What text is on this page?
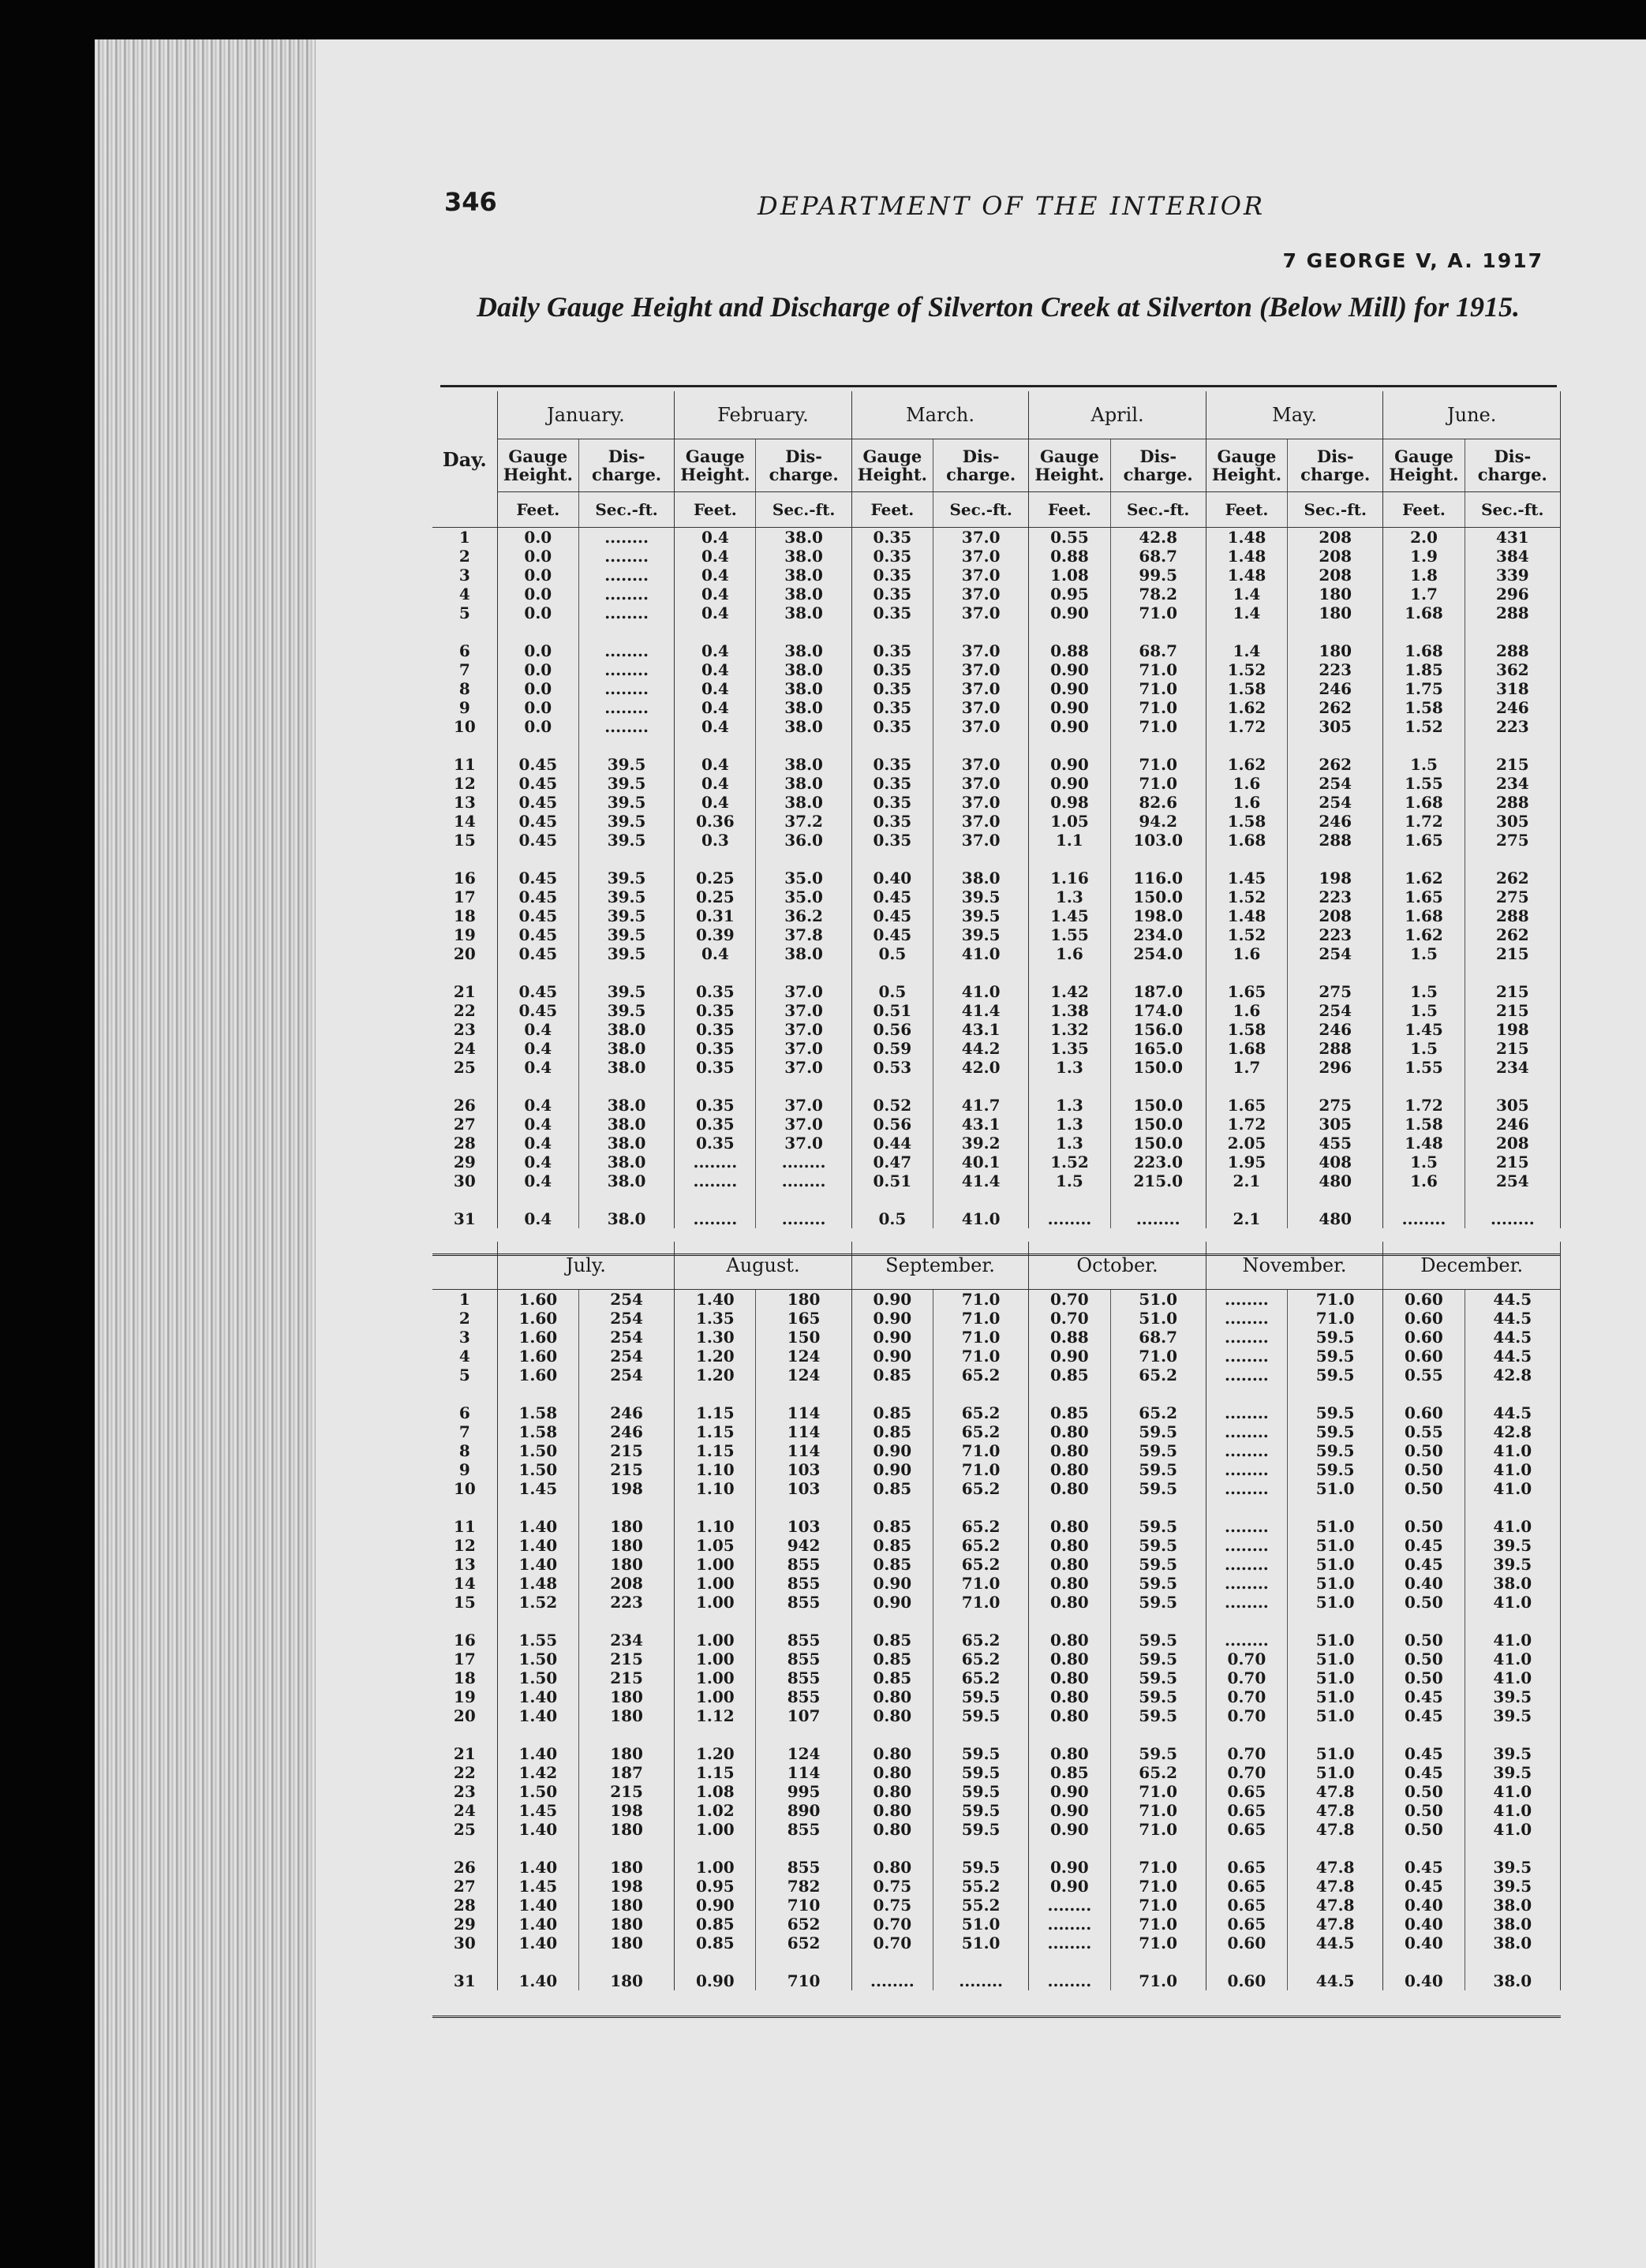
346	DEPARTMENT OF THE INTERIOR
7 GEORGE V, A. 1917
Daily Gauge Height and Discharge of Silverton Creek at Silverton (Below Mill) for 1915.
Day.	January.		February.		March.		April.		May.		June.	
	Gauge Height.	Dis-charge.	Gauge Height.	Dis-charge.	Gauge Height.	Dis-charge.	Gauge Height.	Dis-charge.	Gauge Height.	Dis-charge.	Gauge Height.	Dis-charge.
	Feet.	Sec.-ft.	Feet.	Sec.-ft.	Feet.	Sec.-ft.	Feet.	Sec.-ft.	Feet.	Sec.-ft.	Feet.	Sec.-ft.
1	0.0	........	0.4	38.0	0.35	37.0	0.55	42.8	1.48	208	2.0	431
2	0.0	........	0.4	38.0	0.35	37.0	0.88	68.7	1.48	208	1.9	384
3	0.0	........	0.4	38.0	0.35	37.0	1.08	99.5	1.48	208	1.8	339
4	0.0	........	0.4	38.0	0.35	37.0	0.95	78.2	1.4	180	1.7	296
5	0.0	........	0.4	38.0	0.35	37.0	0.90	71.0	1.4	180	1.68	288
6	0.0	........	0.4	38.0	0.35	37.0	0.88	68.7	1.4	180	1.68	288
7	0.0	........	0.4	38.0	0.35	37.0	0.90	71.0	1.52	223	1.85	362
8	0.0	........	0.4	38.0	0.35	37.0	0.90	71.0	1.58	246	1.75	318
9	0.0	........	0.4	38.0	0.35	37.0	0.90	71.0	1.62	262	1.58	246
10	0.0	........	0.4	38.0	0.35	37.0	0.90	71.0	1.72	305	1.52	223
11	0.45	39.5	0.4	38.0	0.35	37.0	0.90	71.0	1.62	262	1.5	215
12	0.45	39.5	0.4	38.0	0.35	37.0	0.90	71.0	1.6	254	1.55	234
13	0.45	39.5	0.4	38.0	0.35	37.0	0.98	82.6	1.6	254	1.68	288
14	0.45	39.5	0.36	37.2	0.35	37.0	1.05	94.2	1.58	246	1.72	305
15	0.45	39.5	0.3	36.0	0.35	37.0	1.1	103.0	1.68	288	1.65	275
16	0.45	39.5	0.25	35.0	0.40	38.0	1.16	116.0	1.45	198	1.62	262
17	0.45	39.5	0.25	35.0	0.45	39.5	1.3	150.0	1.52	223	1.65	275
18	0.45	39.5	0.31	36.2	0.45	39.5	1.45	198.0	1.48	208	1.68	288
19	0.45	39.5	0.39	37.8	0.45	39.5	1.55	234.0	1.52	223	1.62	262
20	0.45	39.5	0.4	38.0	0.5	41.0	1.6	254.0	1.6	254	1.5	215
21	0.45	39.5	0.35	37.0	0.5	41.0	1.42	187.0	1.65	275	1.5	215
22	0.45	39.5	0.35	37.0	0.51	41.4	1.38	174.0	1.6	254	1.5	215
23	0.4	38.0	0.35	37.0	0.56	43.1	1.32	156.0	1.58	246	1.45	198
24	0.4	38.0	0.35	37.0	0.59	44.2	1.35	165.0	1.68	288	1.5	215
25	0.4	38.0	0.35	37.0	0.53	42.0	1.3	150.0	1.7	296	1.55	234
26	0.4	38.0	0.35	37.0	0.52	41.7	1.3	150.0	1.65	275	1.72	305
27	0.4	38.0	0.35	37.0	0.56	43.1	1.3	150.0	1.72	305	1.58	246
28	0.4	38.0	0.35	37.0	0.44	39.2	1.3	150.0	2.05	455	1.48	208
29	0.4	38.0	........	........	0.47	40.1	1.52	223.0	1.95	408	1.5	215
30	0.4	38.0	........	........	0.51	41.4	1.5	215.0	2.1	480	1.6	254
31	0.4	38.0	........	........	0.5	41.0	........	........	2.1	480	........	........

	July.		August.		September.		October.		November.		December.	
1	1.60	254	1.40	180	0.90	71.0	0.70	51.0	........	71.0	0.60	44.5
2	1.60	254	1.35	165	0.90	71.0	0.70	51.0	........	71.0	0.60	44.5
3	1.60	254	1.30	150	0.90	71.0	0.88	68.7	........	59.5	0.60	44.5
4	1.60	254	1.20	124	0.90	71.0	0.90	71.0	........	59.5	0.60	44.5
5	1.60	254	1.20	124	0.85	65.2	0.85	65.2	........	59.5	0.55	42.8
6	1.58	246	1.15	114	0.85	65.2	0.85	65.2	........	59.5	0.60	44.5
7	1.58	246	1.15	114	0.85	65.2	0.80	59.5	........	59.5	0.55	42.8
8	1.50	215	1.15	114	0.90	71.0	0.80	59.5	........	59.5	0.50	41.0
9	1.50	215	1.10	103	0.90	71.0	0.80	59.5	........	59.5	0.50	41.0
10	1.45	198	1.10	103	0.85	65.2	0.80	59.5	........	51.0	0.50	41.0
11	1.40	180	1.10	103	0.85	65.2	0.80	59.5	........	51.0	0.50	41.0
12	1.40	180	1.05	942	0.85	65.2	0.80	59.5	........	51.0	0.45	39.5
13	1.40	180	1.00	855	0.85	65.2	0.80	59.5	........	51.0	0.45	39.5
14	1.48	208	1.00	855	0.90	71.0	0.80	59.5	........	51.0	0.40	38.0
15	1.52	223	1.00	855	0.90	71.0	0.80	59.5	........	51.0	0.50	41.0
16	1.55	234	1.00	855	0.85	65.2	0.80	59.5	........	51.0	0.50	41.0
17	1.50	215	1.00	855	0.85	65.2	0.80	59.5	0.70	51.0	0.50	41.0
18	1.50	215	1.00	855	0.85	65.2	0.80	59.5	0.70	51.0	0.50	41.0
19	1.40	180	1.00	855	0.80	59.5	0.80	59.5	0.70	51.0	0.45	39.5
20	1.40	180	1.12	107	0.80	59.5	0.80	59.5	0.70	51.0	0.45	39.5
21	1.40	180	1.20	124	0.80	59.5	0.80	59.5	0.70	51.0	0.45	39.5
22	1.42	187	1.15	114	0.80	59.5	0.85	65.2	0.70	51.0	0.45	39.5
23	1.50	215	1.08	995	0.80	59.5	0.90	71.0	0.65	47.8	0.50	41.0
24	1.45	198	1.02	890	0.80	59.5	0.90	71.0	0.65	47.8	0.50	41.0
25	1.40	180	1.00	855	0.80	59.5	0.90	71.0	0.65	47.8	0.50	41.0
26	1.40	180	1.00	855	0.80	59.5	0.90	71.0	0.65	47.8	0.45	39.5
27	1.45	198	0.95	782	0.75	55.2	0.90	71.0	0.65	47.8	0.45	39.5
28	1.40	180	0.90	710	0.75	55.2	........	71.0	0.65	47.8	0.40	38.0
29	1.40	180	0.85	652	0.70	51.0	........	71.0	0.65	47.8	0.40	38.0
30	1.40	180	0.85	652	0.70	51.0	........	71.0	0.60	44.5	0.40	38.0
31	1.40	180	0.90	710	........	........	........	71.0	0.60	44.5	0.40	38.0
